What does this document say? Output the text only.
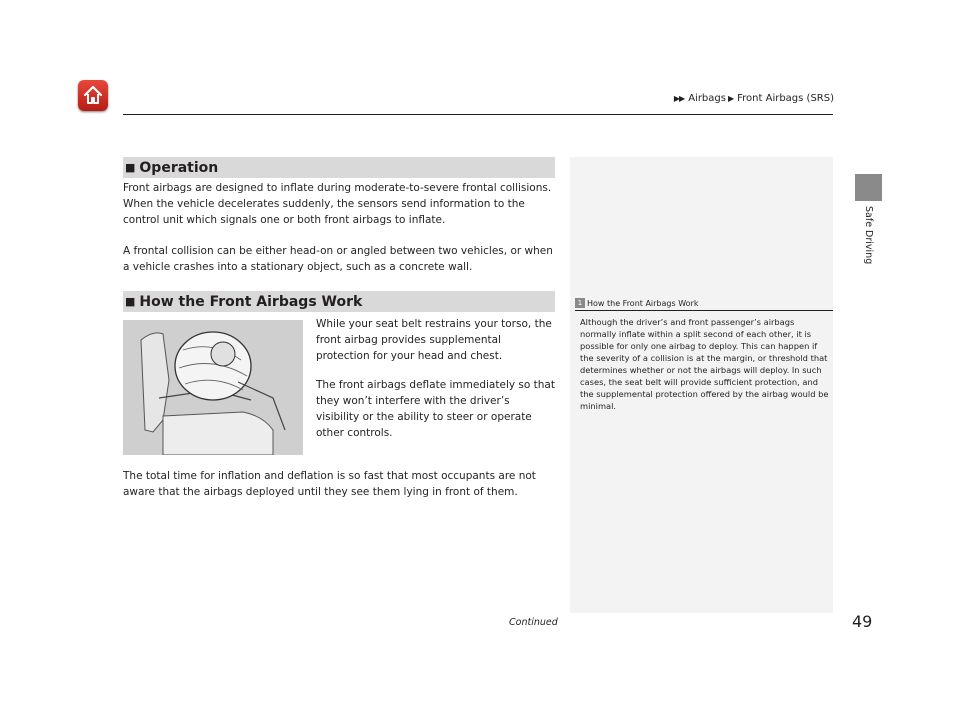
▶▶ Airbags ▶ Front Airbags (SRS)
Safe Driving
■ Operation

Front airbags are designed to inflate during moderate-to-severe frontal collisions. When the vehicle decelerates suddenly, the sensors send information to the control unit which signals one or both front airbags to inflate.

A frontal collision can be either head-on or angled between two vehicles, or when a vehicle crashes into a stationary object, such as a concrete wall.

■ How the Front Airbags Work

While your seat belt restrains your torso, the front airbag provides supplemental protection for your head and chest.

The front airbags deflate immediately so that they won’t interfere with the driver’s visibility or the ability to steer or operate other controls.

The total time for inflation and deflation is so fast that most occupants are not aware that the airbags deployed until they see them lying in front of them.

1 How the Front Airbags Work

Although the driver’s and front passenger’s airbags normally inflate within a split second of each other, it is possible for only one airbag to deploy. This can happen if the severity of a collision is at the margin, or threshold that determines whether or not the airbags will deploy. In such cases, the seat belt will provide sufficient protection, and the supplemental protection offered by the airbag would be minimal.

Continued	49
